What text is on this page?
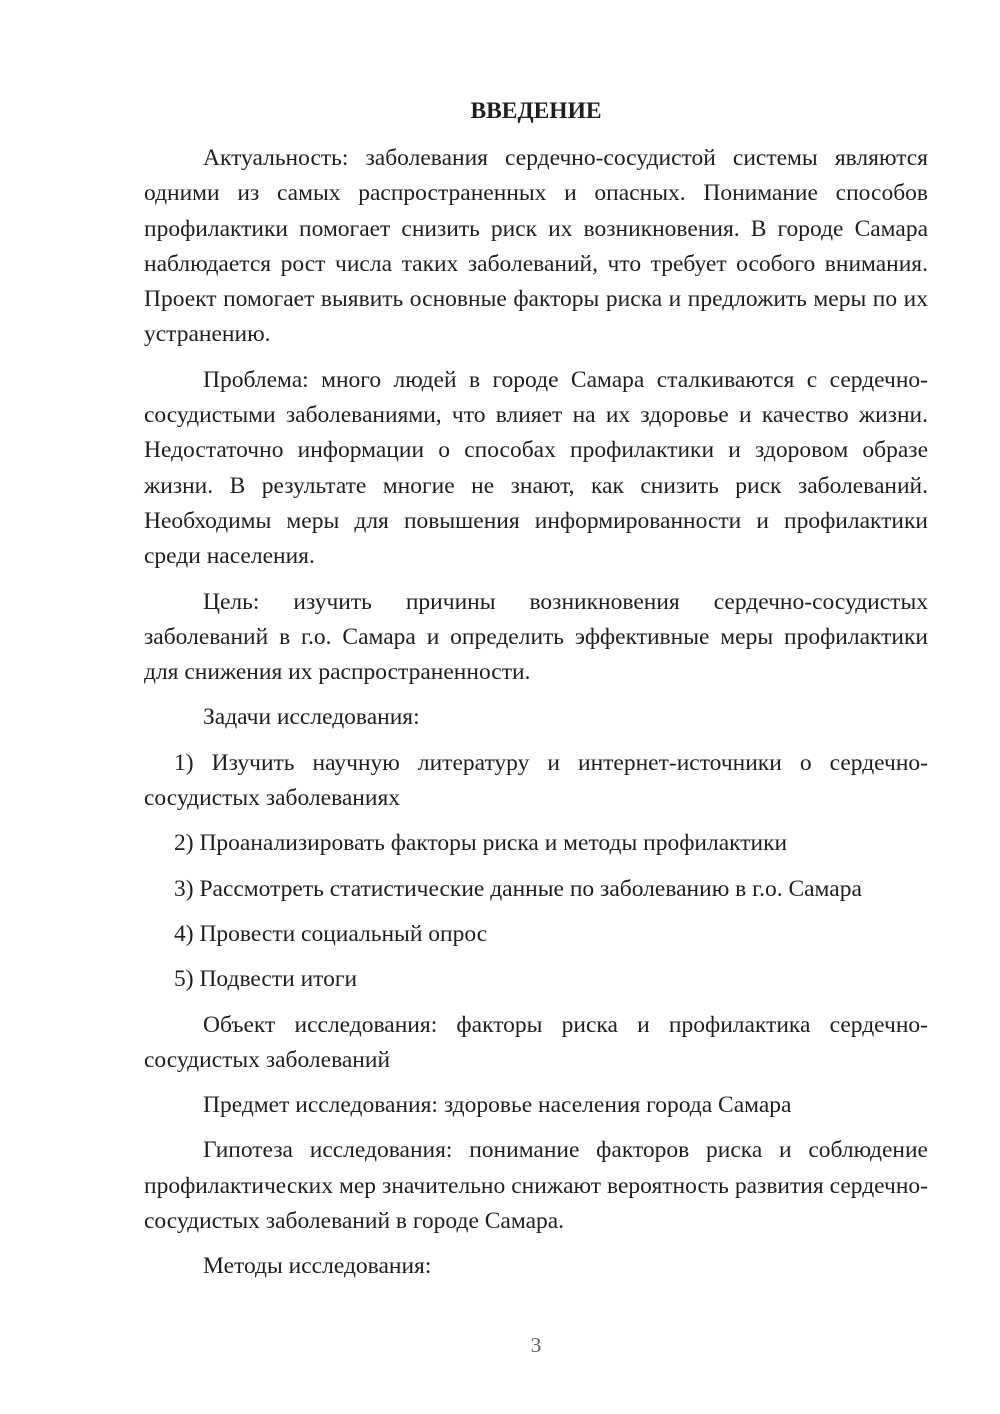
ВВЕДЕНИЕ

Актуальность: заболевания сердечно-сосудистой системы являются одними из самых распространенных и опасных. Понимание способов профилактики помогает снизить риск их возникновения. В городе Самара наблюдается рост числа таких заболеваний, что требует особого внимания. Проект помогает выявить основные факторы риска и предложить меры по их устранению.

Проблема: много людей в городе Самара сталкиваются с сердечно-сосудистыми заболеваниями, что влияет на их здоровье и качество жизни. Недостаточно информации о способах профилактики и здоровом образе жизни. В результате многие не знают, как снизить риск заболеваний. Необходимы меры для повышения информированности и профилактики среди населения.

Цель: изучить причины возникновения сердечно-сосудистых заболеваний в г.о. Самара и определить эффективные меры профилактики для снижения их распространенности.

Задачи исследования:

1) Изучить научную литературу и интернет-источники о сердечно-сосудистых заболеваниях

2) Проанализировать факторы риска и методы профилактики

3) Рассмотреть статистические данные по заболеванию в г.о. Самара

4) Провести социальный опрос

5) Подвести итоги

Объект исследования: факторы риска и профилактика сердечно-сосудистых заболеваний

Предмет исследования: здоровье населения города Самара

Гипотеза исследования: понимание факторов риска и соблюдение профилактических мер значительно снижают вероятность развития сердечно-сосудистых заболеваний в городе Самара.

Методы исследования:

3
